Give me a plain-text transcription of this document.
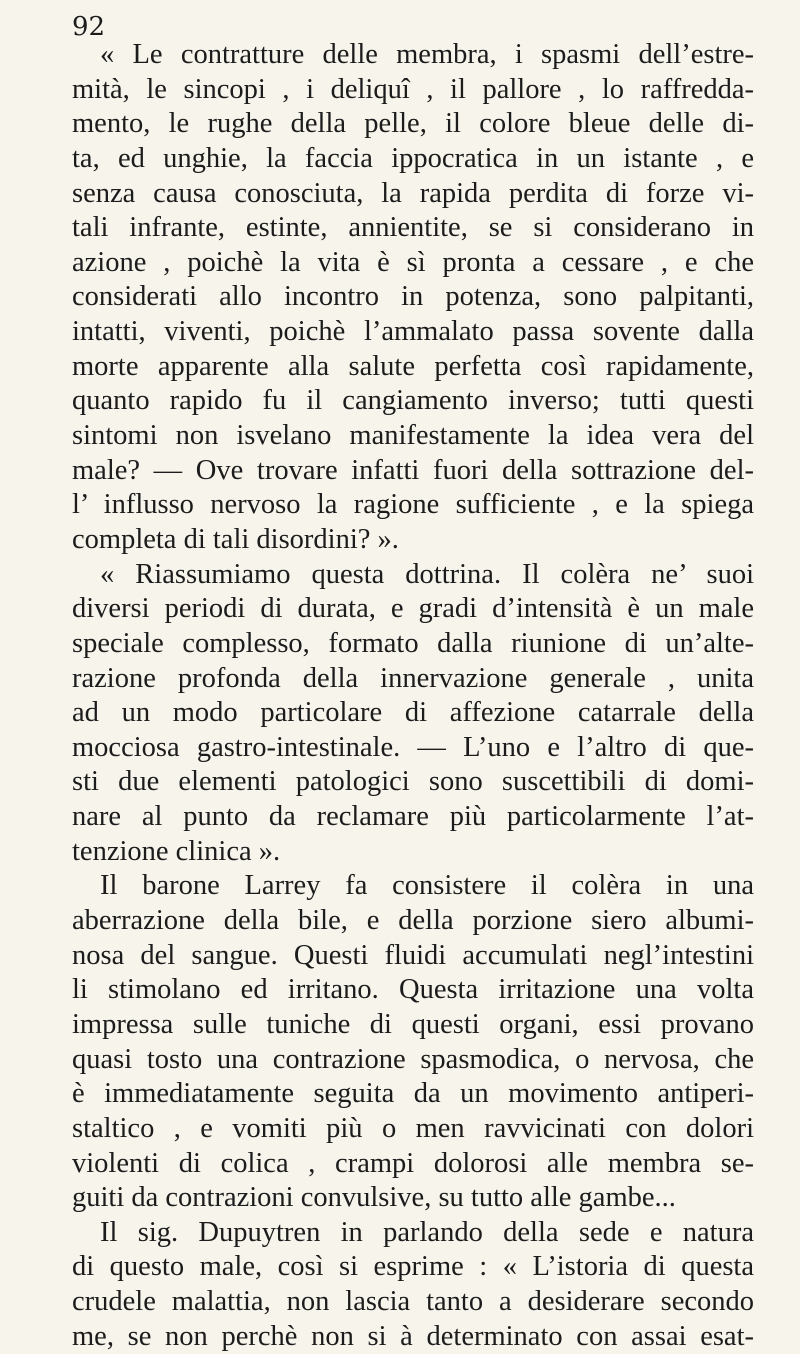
92
« Le contratture delle membra, i spasmi dell’estre-
mità, le sincopi , i deliquî , il pallore , lo raffredda-
mento, le rughe della pelle, il colore bleue delle di-
ta, ed unghie, la faccia ippocratica in un istante , e
senza causa conosciuta, la rapida perdita di forze vi-
tali infrante, estinte, annientite, se si considerano in
azione , poichè la vita è sì pronta a cessare , e che
considerati allo incontro in potenza, sono palpitanti,
intatti, viventi, poichè l’ammalato passa sovente dalla
morte apparente alla salute perfetta così rapidamente,
quanto rapido fu il cangiamento inverso; tutti questi
sintomi non isvelano manifestamente la idea vera del
male? — Ove trovare infatti fuori della sottrazione del-
l’ influsso nervoso la ragione sufficiente , e la spiega
completa di tali disordini? ».
« Riassumiamo questa dottrina. Il colèra ne’ suoi
diversi periodi di durata, e gradi d’intensità è un male
speciale complesso, formato dalla riunione di un’alte-
razione profonda della innervazione generale , unita
ad un modo particolare di affezione catarrale della
mocciosa gastro-intestinale. — L’uno e l’altro di que-
sti due elementi patologici sono suscettibili di domi-
nare al punto da reclamare più particolarmente l’at-
tenzione clinica ».
Il barone Larrey fa consistere il colèra in una
aberrazione della bile, e della porzione siero albumi-
nosa del sangue. Questi fluidi accumulati negl’intestini
li stimolano ed irritano. Questa irritazione una volta
impressa sulle tuniche di questi organi, essi provano
quasi tosto una contrazione spasmodica, o nervosa, che
è immediatamente seguita da un movimento antiperi-
staltico , e vomiti più o men ravvicinati con dolori
violenti di colica , crampi dolorosi alle membra se-
guiti da contrazioni convulsive, su tutto alle gambe...
Il sig. Dupuytren in parlando della sede e natura
di questo male, così si esprime : « L’istoria di questa
crudele malattia, non lascia tanto a desiderare secondo
me, se non perchè non si à determinato con assai esat-
